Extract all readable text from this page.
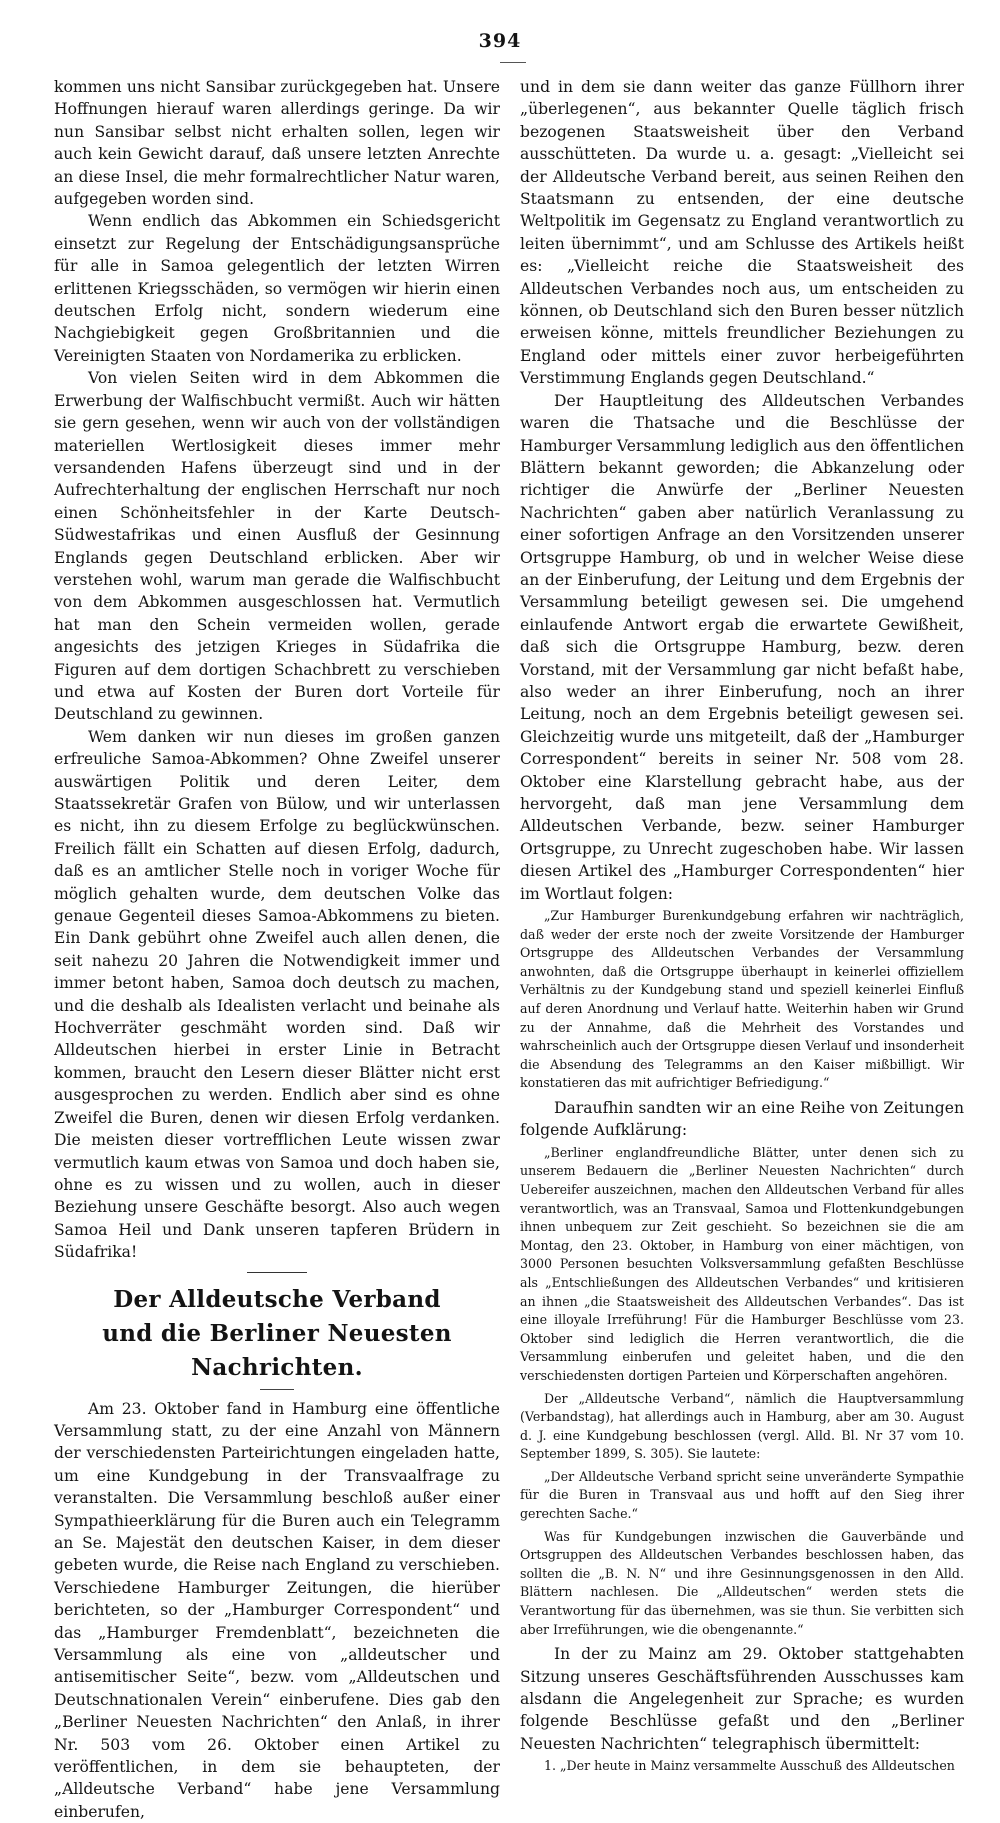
394

kommen uns nicht Sansibar zurückgegeben hat. Unsere Hoffnungen hierauf waren allerdings geringe. Da wir nun Sansibar selbst nicht erhalten sollen, legen wir auch kein Gewicht darauf, daß unsere letzten Anrechte an diese Insel, die mehr formalrechtlicher Natur waren, aufgegeben worden sind.

Wenn endlich das Abkommen ein Schiedsgericht einsetzt zur Regelung der Entschädigungsansprüche für alle in Samoa gelegentlich der letzten Wirren erlittenen Kriegsschäden, so vermögen wir hierin einen deutschen Erfolg nicht, sondern wiederum eine Nachgiebigkeit gegen Großbritannien und die Vereinigten Staaten von Nordamerika zu erblicken.

Von vielen Seiten wird in dem Abkommen die Erwerbung der Walfischbucht vermißt. Auch wir hätten sie gern gesehen, wenn wir auch von der vollständigen materiellen Wertlosigkeit dieses immer mehr versandenden Hafens überzeugt sind und in der Aufrechterhaltung der englischen Herrschaft nur noch einen Schönheitsfehler in der Karte Deutsch-Südwestafrikas und einen Ausfluß der Gesinnung Englands gegen Deutschland erblicken. Aber wir verstehen wohl, warum man gerade die Walfischbucht von dem Abkommen ausgeschlossen hat. Vermutlich hat man den Schein vermeiden wollen, gerade angesichts des jetzigen Krieges in Südafrika die Figuren auf dem dortigen Schachbrett zu verschieben und etwa auf Kosten der Buren dort Vorteile für Deutschland zu gewinnen.

Wem danken wir nun dieses im großen ganzen erfreuliche Samoa-Abkommen? Ohne Zweifel unserer auswärtigen Politik und deren Leiter, dem Staatssekretär Grafen von Bülow, und wir unterlassen es nicht, ihn zu diesem Erfolge zu beglückwünschen. Freilich fällt ein Schatten auf diesen Erfolg, dadurch, daß es an amtlicher Stelle noch in voriger Woche für möglich gehalten wurde, dem deutschen Volke das genaue Gegenteil dieses Samoa-Abkommens zu bieten. Ein Dank gebührt ohne Zweifel auch allen denen, die seit nahezu 20 Jahren die Notwendigkeit immer und immer betont haben, Samoa doch deutsch zu machen, und die deshalb als Idealisten verlacht und beinahe als Hochverräter geschmäht worden sind. Daß wir Alldeutschen hierbei in erster Linie in Betracht kommen, braucht den Lesern dieser Blätter nicht erst ausgesprochen zu werden. Endlich aber sind es ohne Zweifel die Buren, denen wir diesen Erfolg verdanken. Die meisten dieser vortrefflichen Leute wissen zwar vermutlich kaum etwas von Samoa und doch haben sie, ohne es zu wissen und zu wollen, auch in dieser Beziehung unsere Geschäfte besorgt. Also auch wegen Samoa Heil und Dank unseren tapferen Brüdern in Südafrika!

Der Alldeutsche Verband
und die Berliner Neuesten Nachrichten.

Am 23. Oktober fand in Hamburg eine öffentliche Versammlung statt, zu der eine Anzahl von Männern der verschiedensten Parteirichtungen eingeladen hatte, um eine Kundgebung in der Transvaalfrage zu veranstalten. Die Versammlung beschloß außer einer Sympathieerklärung für die Buren auch ein Telegramm an Se. Majestät den deutschen Kaiser, in dem dieser gebeten wurde, die Reise nach England zu verschieben. Verschiedene Hamburger Zeitungen, die hierüber berichteten, so der „Hamburger Correspondent“ und das „Hamburger Fremdenblatt“, bezeichneten die Versammlung als eine von „alldeutscher und antisemitischer Seite“, bezw. vom „Alldeutschen und Deutschnationalen Verein“ einberufene. Dies gab den „Berliner Neuesten Nachrichten“ den Anlaß, in ihrer Nr. 503 vom 26. Oktober einen Artikel zu veröffentlichen, in dem sie behaupteten, der „Alldeutsche Verband“ habe jene Versammlung einberufen,

und in dem sie dann weiter das ganze Füllhorn ihrer „überlegenen“, aus bekannter Quelle täglich frisch bezogenen Staatsweisheit über den Verband ausschütteten. Da wurde u. a. gesagt: „Vielleicht sei der Alldeutsche Verband bereit, aus seinen Reihen den Staatsmann zu entsenden, der eine deutsche Weltpolitik im Gegensatz zu England verantwortlich zu leiten übernimmt“, und am Schlusse des Artikels heißt es: „Vielleicht reiche die Staatsweisheit des Alldeutschen Verbandes noch aus, um entscheiden zu können, ob Deutschland sich den Buren besser nützlich erweisen könne, mittels freundlicher Beziehungen zu England oder mittels einer zuvor herbeigeführten Verstimmung Englands gegen Deutschland.“

Der Hauptleitung des Alldeutschen Verbandes waren die Thatsache und die Beschlüsse der Hamburger Versammlung lediglich aus den öffentlichen Blättern bekannt geworden; die Abkanzelung oder richtiger die Anwürfe der „Berliner Neuesten Nachrichten“ gaben aber natürlich Veranlassung zu einer sofortigen Anfrage an den Vorsitzenden unserer Ortsgruppe Hamburg, ob und in welcher Weise diese an der Einberufung, der Leitung und dem Ergebnis der Versammlung beteiligt gewesen sei. Die umgehend einlaufende Antwort ergab die erwartete Gewißheit, daß sich die Ortsgruppe Hamburg, bezw. deren Vorstand, mit der Versammlung gar nicht befaßt habe, also weder an ihrer Einberufung, noch an ihrer Leitung, noch an dem Ergebnis beteiligt gewesen sei. Gleichzeitig wurde uns mitgeteilt, daß der „Hamburger Correspondent“ bereits in seiner Nr. 508 vom 28. Oktober eine Klarstellung gebracht habe, aus der hervorgeht, daß man jene Versammlung dem Alldeutschen Verbande, bezw. seiner Hamburger Ortsgruppe, zu Unrecht zugeschoben habe. Wir lassen diesen Artikel des „Hamburger Correspondenten“ hier im Wortlaut folgen:

„Zur Hamburger Burenkundgebung erfahren wir nachträglich, daß weder der erste noch der zweite Vorsitzende der Hamburger Ortsgruppe des Alldeutschen Verbandes der Versammlung anwohnten, daß die Ortsgruppe überhaupt in keinerlei offiziellem Verhältnis zu der Kundgebung stand und speziell keinerlei Einfluß auf deren Anordnung und Verlauf hatte. Weiterhin haben wir Grund zu der Annahme, daß die Mehrheit des Vorstandes und wahrscheinlich auch der Ortsgruppe diesen Verlauf und insonderheit die Absendung des Telegramms an den Kaiser mißbilligt. Wir konstatieren das mit aufrichtiger Befriedigung.“

Daraufhin sandten wir an eine Reihe von Zeitungen folgende Aufklärung:

„Berliner englandfreundliche Blätter, unter denen sich zu unserem Bedauern die „Berliner Neuesten Nachrichten“ durch Uebereifer auszeichnen, machen den Alldeutschen Verband für alles verantwortlich, was an Transvaal, Samoa und Flottenkundgebungen ihnen unbequem zur Zeit geschieht. So bezeichnen sie die am Montag, den 23. Oktober, in Hamburg von einer mächtigen, von 3000 Personen besuchten Volksversammlung gefaßten Beschlüsse als „Entschließungen des Alldeutschen Verbandes“ und kritisieren an ihnen „die Staatsweisheit des Alldeutschen Verbandes“. Das ist eine illoyale Irreführung! Für die Hamburger Beschlüsse vom 23. Oktober sind lediglich die Herren verantwortlich, die die Versammlung einberufen und geleitet haben, und die den verschiedensten dortigen Parteien und Körperschaften angehören.

Der „Alldeutsche Verband“, nämlich die Hauptversammlung (Verbandstag), hat allerdings auch in Hamburg, aber am 30. August d. J. eine Kundgebung beschlossen (vergl. Alld. Bl. Nr 37 vom 10. September 1899, S. 305). Sie lautete:

„Der Alldeutsche Verband spricht seine unveränderte Sympathie für die Buren in Transvaal aus und hofft auf den Sieg ihrer gerechten Sache.“

Was für Kundgebungen inzwischen die Gauverbände und Ortsgruppen des Alldeutschen Verbandes beschlossen haben, das sollten die „B. N. N“ und ihre Gesinnungsgenossen in den Alld. Blättern nachlesen. Die „Alldeutschen“ werden stets die Verantwortung für das übernehmen, was sie thun. Sie verbitten sich aber Irreführungen, wie die obengenannte.“

In der zu Mainz am 29. Oktober stattgehabten Sitzung unseres Geschäftsführenden Ausschusses kam alsdann die Angelegenheit zur Sprache; es wurden folgende Beschlüsse gefaßt und den „Berliner Neuesten Nachrichten“ telegraphisch übermittelt:

1. „Der heute in Mainz versammelte Ausschuß des Alldeutschen
